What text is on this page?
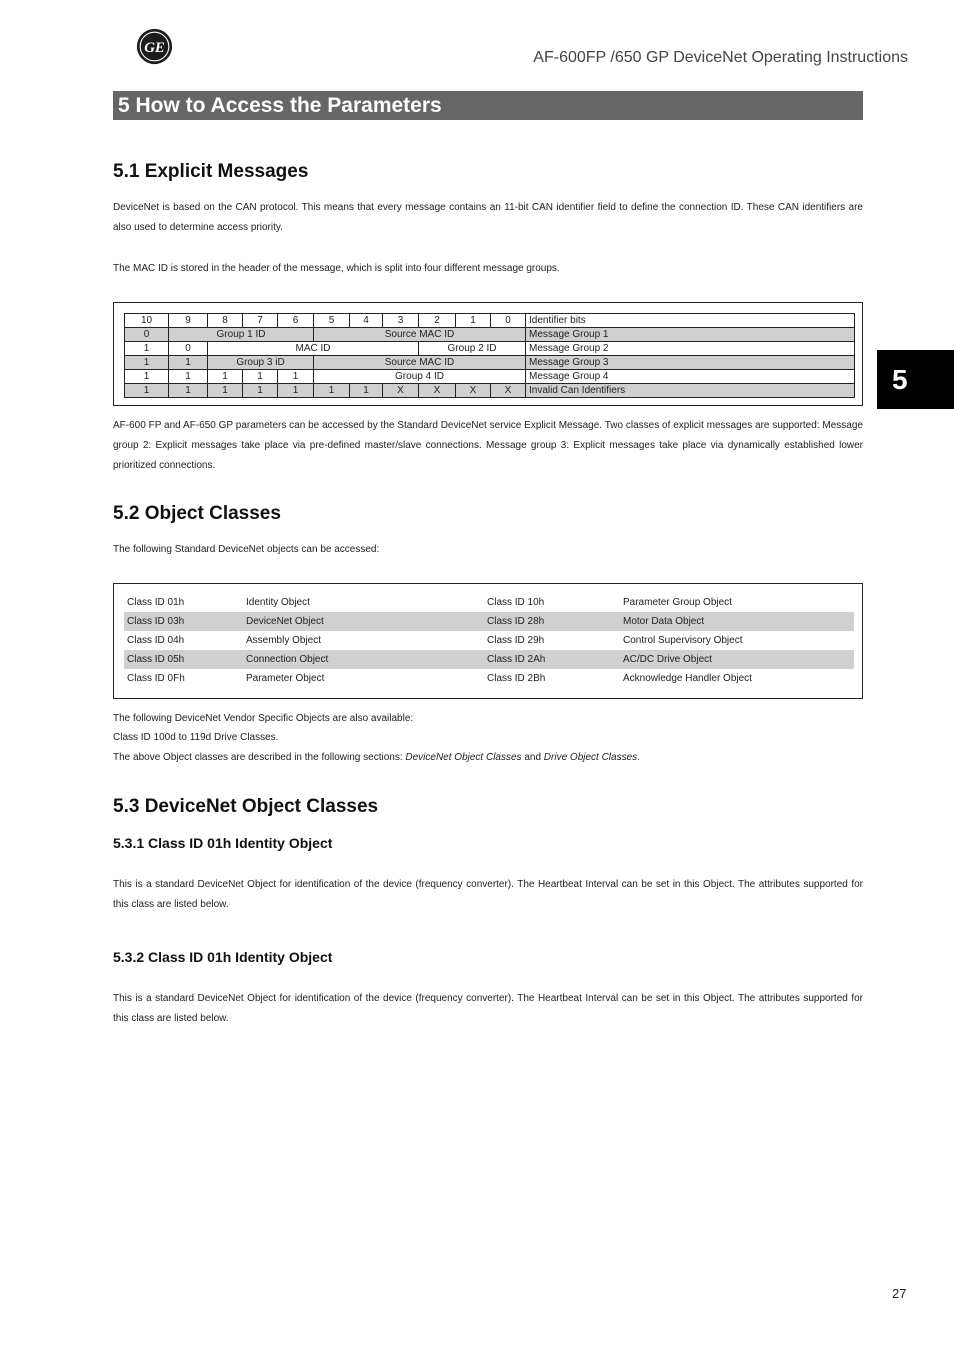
GE
AF-600FP /650 GP DeviceNet Operating Instructions
5 How to Access the Parameters
5
5.1 Explicit Messages
DeviceNet is based on the CAN protocol. This means that every message contains an 11-bit CAN identifier field to define the connection ID. These CAN identifiers are also used to determine access priority.
The MAC ID is stored in the header of the message, which is split into four different message groups.
10	9	8	7	6	5	4	3	2	1	0	Identifier bits
0	Group 1 ID				Source MAC ID						Message Group 1
1	0	MAC ID						Group 2 ID			Message Group 2
1	1	Group 3 iD			Source MAC ID						Message Group 3
1	1	1	1	1	Group 4 ID						Message Group 4
1	1	1	1	1	1	1	X	X	X	X	Invalid Can Identifiers
AF-600 FP and AF-650 GP parameters can be accessed by the Standard DeviceNet service Explicit Message. Two classes of explicit messages are supported: Message group 2: Explicit messages take place via pre-defined master/slave connections. Message group 3: Explicit messages take place via dynamically established lower prioritized connections.
5.2 Object Classes
The following Standard DeviceNet objects can be accessed:
Class ID 01h	Identity Object	Class ID 10h	Parameter Group Object
Class ID 03h	DeviceNet Object	Class ID 28h	Motor Data Object
Class ID 04h	Assembly Object	Class ID 29h	Control Supervisory Object
Class ID 05h	Connection Object	Class ID 2Ah	AC/DC Drive Object
Class ID 0Fh	Parameter Object	Class ID 2Bh	Acknowledge Handler Object
The following DeviceNet Vendor Specific Objects are also available:
Class ID 100d to 119d Drive Classes.
The above Object classes are described in the following sections: DeviceNet Object Classes and Drive Object Classes.
5.3 DeviceNet Object Classes
5.3.1 Class ID 01h Identity Object
This is a standard DeviceNet Object for identification of the device (frequency converter). The Heartbeat Interval can be set in this Object. The attributes supported for this class are listed below.
5.3.2 Class ID 01h Identity Object
This is a standard DeviceNet Object for identification of the device (frequency converter). The Heartbeat Interval can be set in this Object. The attributes supported for this class are listed below.
27
